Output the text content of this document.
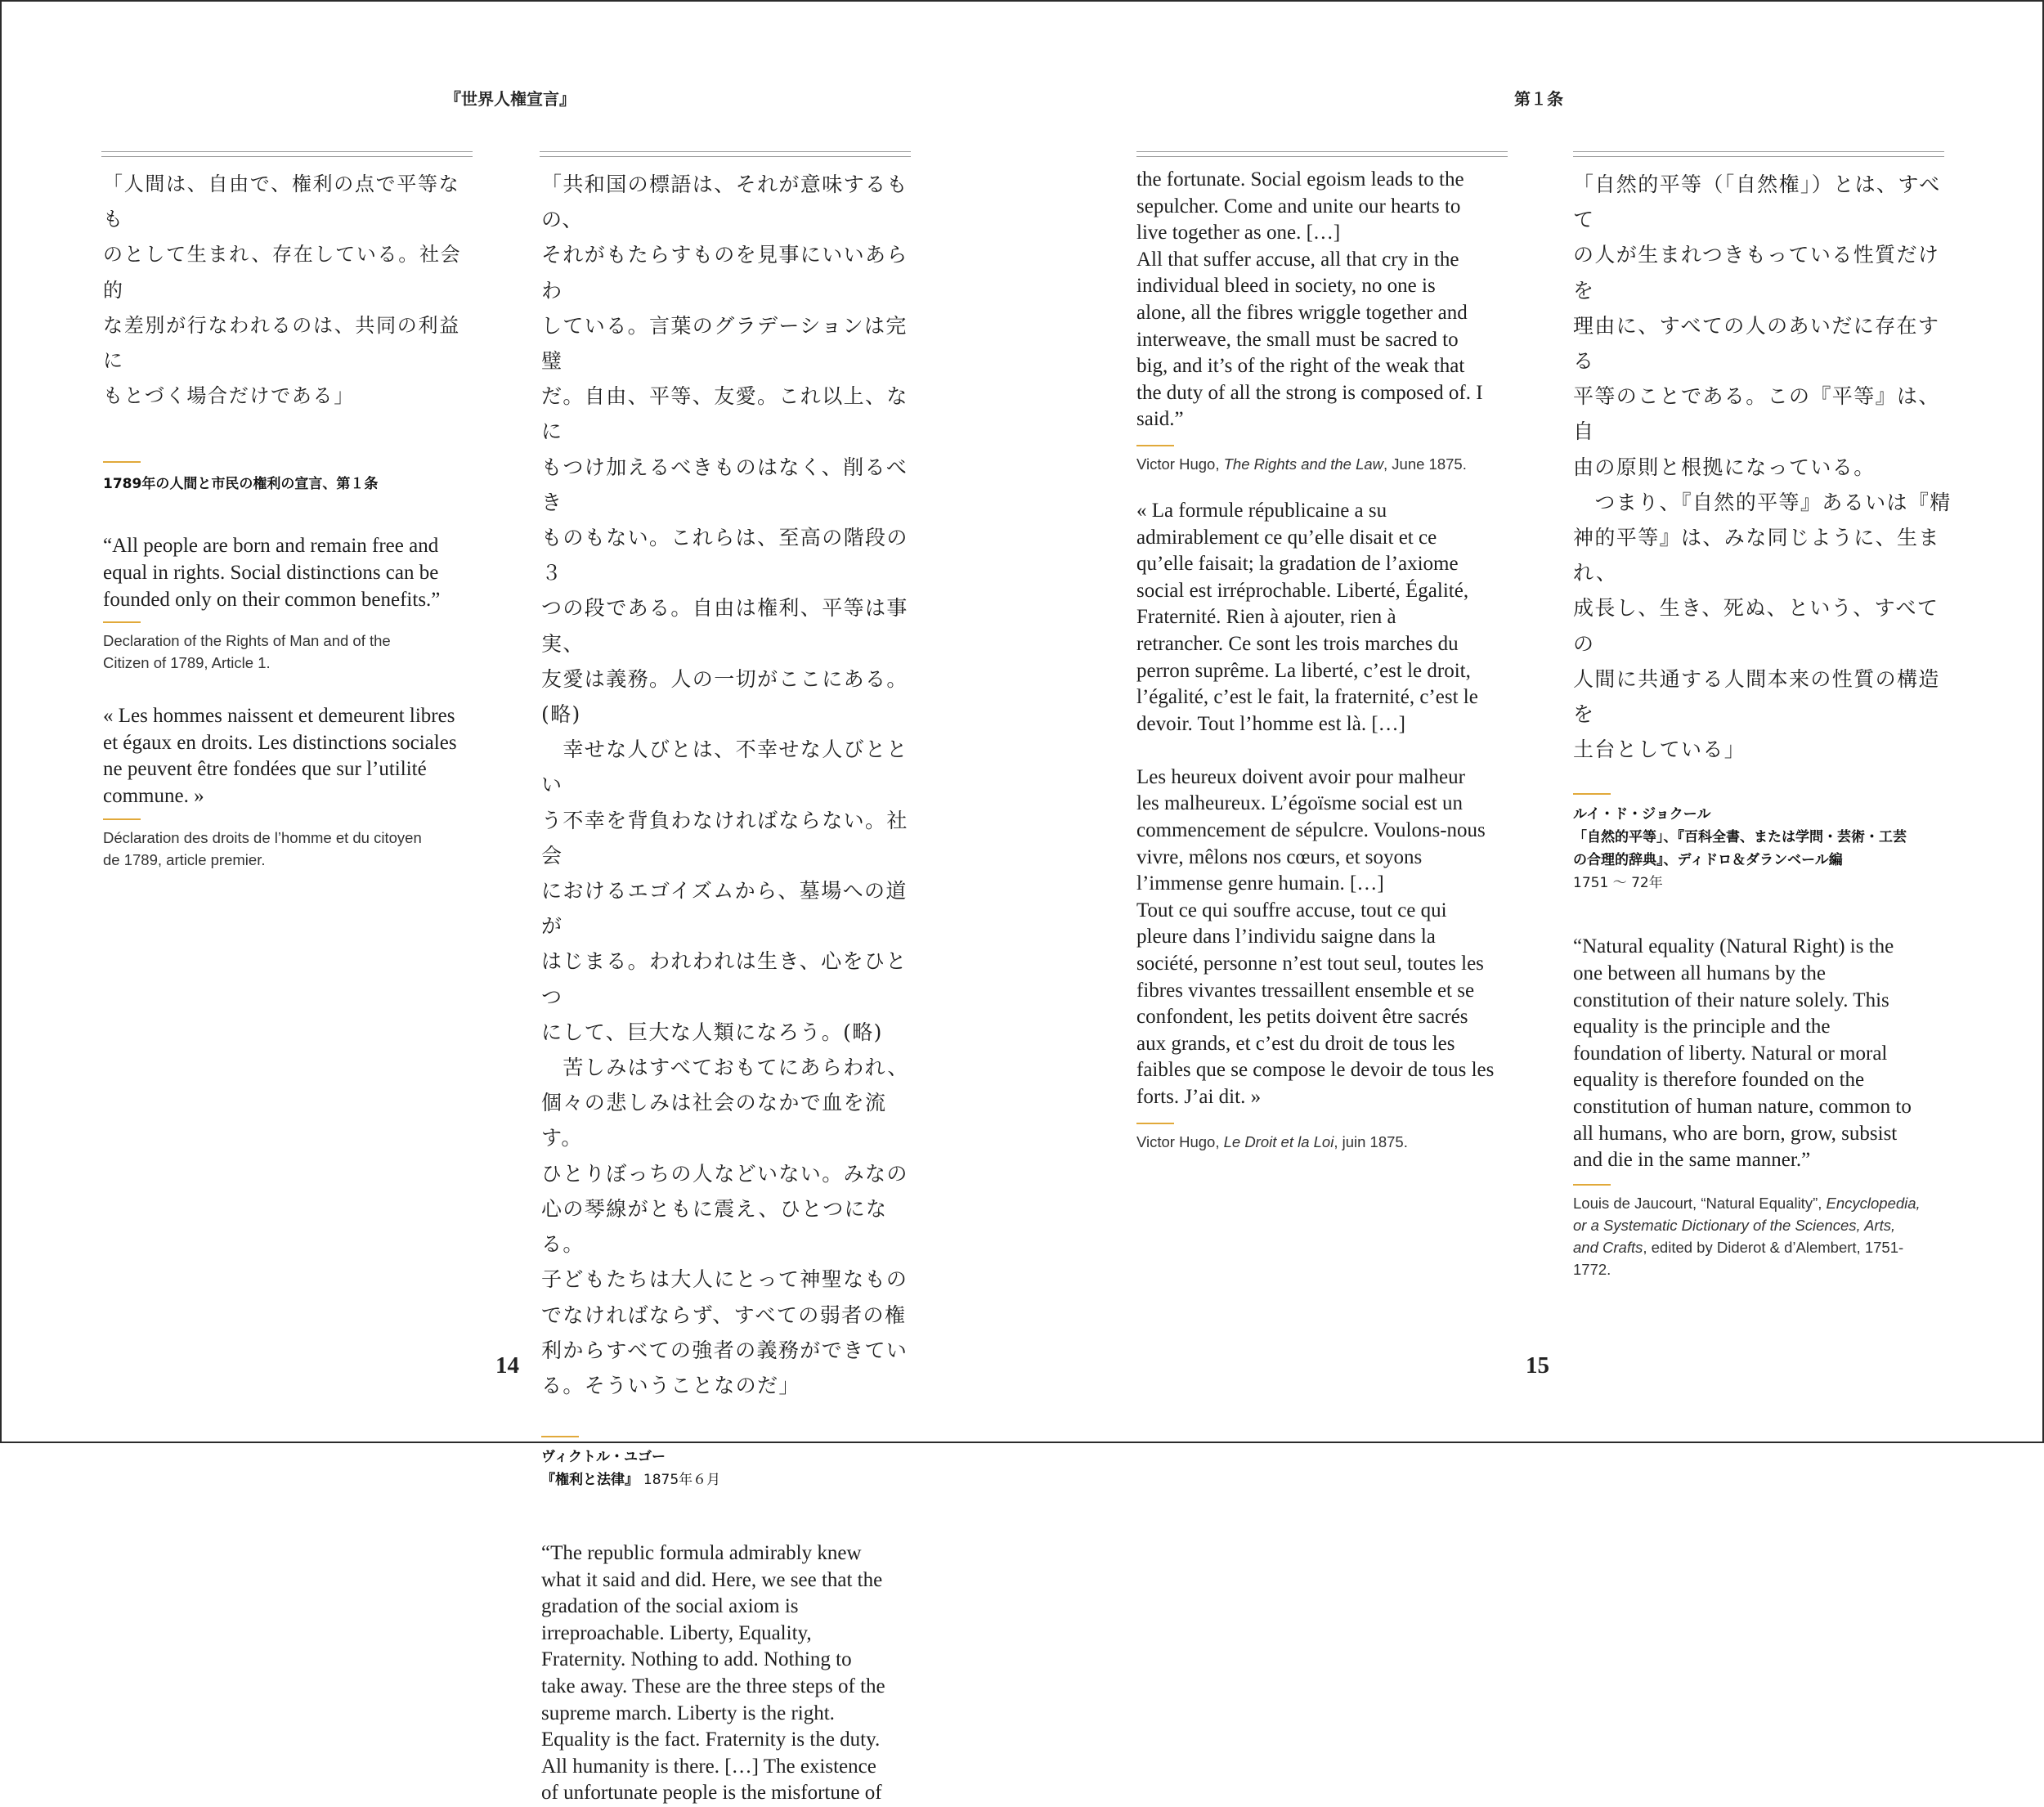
『世界人権宣言』	第１条

「人間は、自由で、権利の点で平等なも
のとして生まれ、存在している。社会的
な差別が行なわれるのは、共同の利益に
もとづく場合だけである」

1789年の人間と市民の権利の宣言、第１条

“All people are born and remain free and
equal in rights. Social distinctions can be
founded only on their common benefits.”

Declaration of the Rights of Man and of the
Citizen of 1789, Article 1.

« Les hommes naissent et demeurent libres
et égaux en droits. Les distinctions sociales
ne peuvent être fondées que sur l’utilité
commune. »

Déclaration des droits de l’homme et du citoyen
de 1789, article premier.

「共和国の標語は、それが意味するもの、
それがもたらすものを見事にいいあらわ
している。言葉のグラデーションは完璧
だ。自由、平等、友愛。これ以上、なに
もつけ加えるべきものはなく、削るべき
ものもない。これらは、至高の階段の３
つの段である。自由は権利、平等は事実、
友愛は義務。人の一切がここにある。(略)
　幸せな人びとは、不幸せな人びととい
う不幸を背負わなければならない。社会
におけるエゴイズムから、墓場への道が
はじまる。われわれは生き、心をひとつ
にして、巨大な人類になろう。(略)
　苦しみはすべておもてにあらわれ、
個々の悲しみは社会のなかで血を流す。
ひとりぼっちの人などいない。みなの
心の琴線がともに震え、ひとつになる。
子どもたちは大人にとって神聖なもの
でなければならず、すべての弱者の権
利からすべての強者の義務ができてい
る。そういうことなのだ」

ヴィクトル・ユゴー
『権利と法律』 1875年６月

“The republic formula admirably knew
what it said and did. Here, we see that the
gradation of the social axiom is
irreproachable. Liberty, Equality,
Fraternity. Nothing to add. Nothing to
take away. These are the three steps of the
supreme march. Liberty is the right.
Equality is the fact. Fraternity is the duty.
All humanity is there. […] The existence
of unfortunate people is the misfortune of

the fortunate. Social egoism leads to the
sepulcher. Come and unite our hearts to
live together as one. […]
All that suffer accuse, all that cry in the
individual bleed in society, no one is
alone, all the fibres wriggle together and
interweave, the small must be sacred to
big, and it’s of the right of the weak that
the duty of all the strong is composed of. I
said.”

Victor Hugo, The Rights and the Law, June 1875.

« La formule républicaine a su
admirablement ce qu’elle disait et ce
qu’elle faisait; la gradation de l’axiome
social est irréprochable. Liberté, Égalité,
Fraternité. Rien à ajouter, rien à
retrancher. Ce sont les trois marches du
perron suprême. La liberté, c’est le droit,
l’égalité, c’est le fait, la fraternité, c’est le
devoir. Tout l’homme est là. […]

Les heureux doivent avoir pour malheur
les malheureux. L’égoïsme social est un
commencement de sépulcre. Voulons-nous
vivre, mêlons nos cœurs, et soyons
l’immense genre humain. […]
Tout ce qui souffre accuse, tout ce qui
pleure dans l’individu saigne dans la
société, personne n’est tout seul, toutes les
fibres vivantes tressaillent ensemble et se
confondent, les petits doivent être sacrés
aux grands, et c’est du droit de tous les
faibles que se compose le devoir de tous les
forts. J’ai dit. »

Victor Hugo, Le Droit et la Loi, juin 1875.

「自然的平等（「自然権」）とは、すべて
の人が生まれつきもっている性質だけを
理由に、すべての人のあいだに存在する
平等のことである。この『平等』は、自
由の原則と根拠になっている。
　つまり、『自然的平等』あるいは『精
神的平等』は、みな同じように、生まれ、
成長し、生き、死ぬ、という、すべての
人間に共通する人間本来の性質の構造を
土台としている」

ルイ・ド・ジョクール
「自然的平等」、『百科全書、または学問・芸術・工芸
の合理的辞典』、ディドロ＆ダランベール編

1751 ～ 72年

“Natural equality (Natural Right) is the
one between all humans by the
constitution of their nature solely. This
equality is the principle and the
foundation of liberty. Natural or moral
equality is therefore founded on the
constitution of human nature, common to
all humans, who are born, grow, subsist
and die in the same manner.”

Louis de Jaucourt, “Natural Equality”, Encyclopedia,
or a Systematic Dictionary of the Sciences, Arts,
and Crafts, edited by Diderot & d’Alembert, 1751-
1772.

14	15
